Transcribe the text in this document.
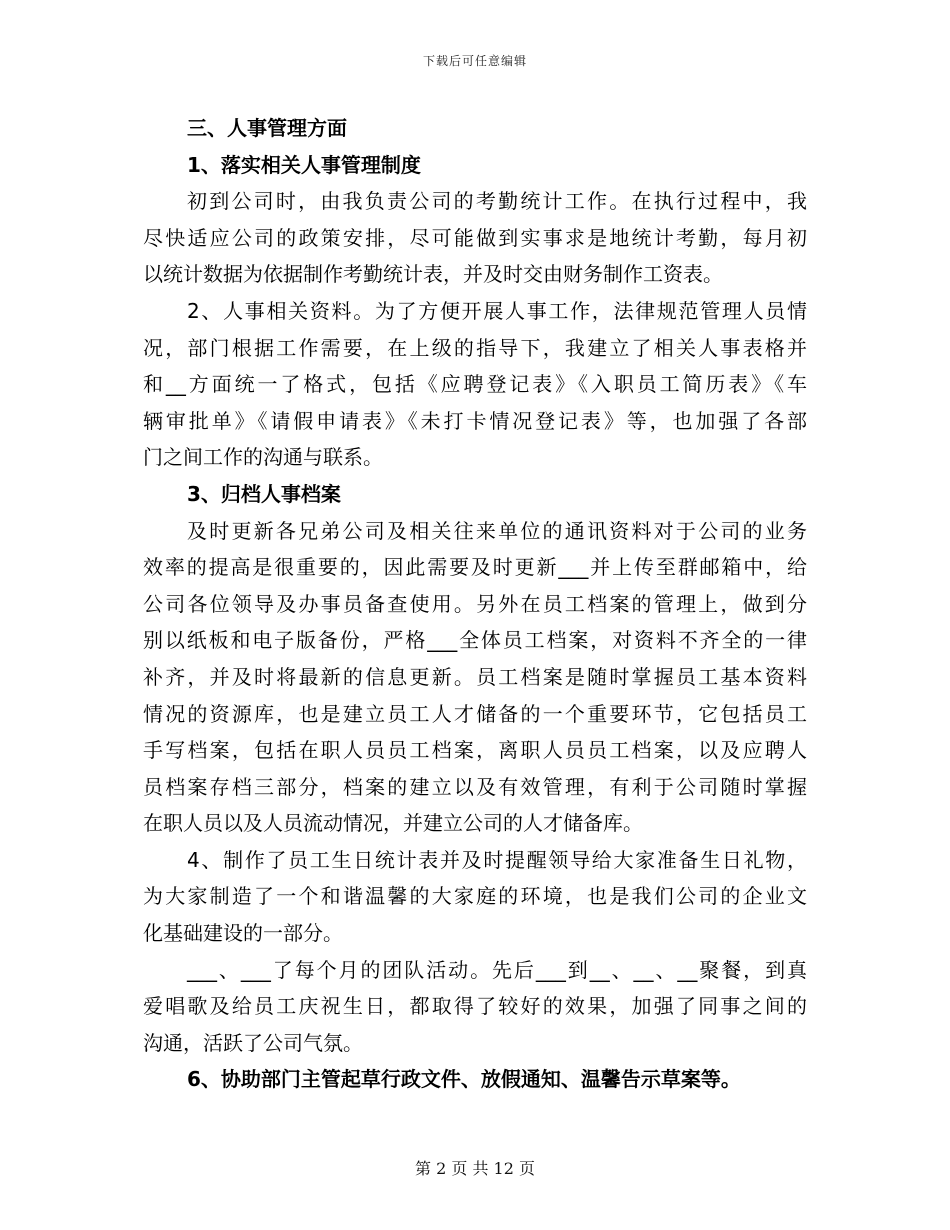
下载后可任意编辑
三、人事管理方面
1、落实相关人事管理制度
初到公司时，由我负责公司的考勤统计工作。在执行过程中，我
尽快适应公司的政策安排，尽可能做到实事求是地统计考勤，每月初
以统计数据为依据制作考勤统计表，并及时交由财务制作工资表。
2、人事相关资料。为了方便开展人事工作，法律规范管理人员情
况，部门根据工作需要，在上级的指导下，我建立了相关人事表格并
和__方面统一了格式，包括《应聘登记表》《入职员工简历表》《车
辆审批单》《请假申请表》《未打卡情况登记表》等，也加强了各部
门之间工作的沟通与联系。
3、归档人事档案
及时更新各兄弟公司及相关往来单位的通讯资料对于公司的业务
效率的提高是很重要的，因此需要及时更新___并上传至群邮箱中，给
公司各位领导及办事员备查使用。另外在员工档案的管理上，做到分
别以纸板和电子版备份，严格___全体员工档案，对资料不齐全的一律
补齐，并及时将最新的信息更新。员工档案是随时掌握员工基本资料
情况的资源库，也是建立员工人才储备的一个重要环节，它包括员工
手写档案，包括在职人员员工档案，离职人员员工档案，以及应聘人
员档案存档三部分，档案的建立以及有效管理，有利于公司随时掌握
在职人员以及人员流动情况，并建立公司的人才储备库。
4、制作了员工生日统计表并及时提醒领导给大家准备生日礼物，
为大家制造了一个和谐温馨的大家庭的环境，也是我们公司的企业文
化基础建设的一部分。
___、___了每个月的团队活动。先后___到__、__、__聚餐，到真
爱唱歌及给员工庆祝生日，都取得了较好的效果，加强了同事之间的
沟通，活跃了公司气氛。
6、协助部门主管起草行政文件、放假通知、温馨告示草案等。
第 2 页 共 12 页
